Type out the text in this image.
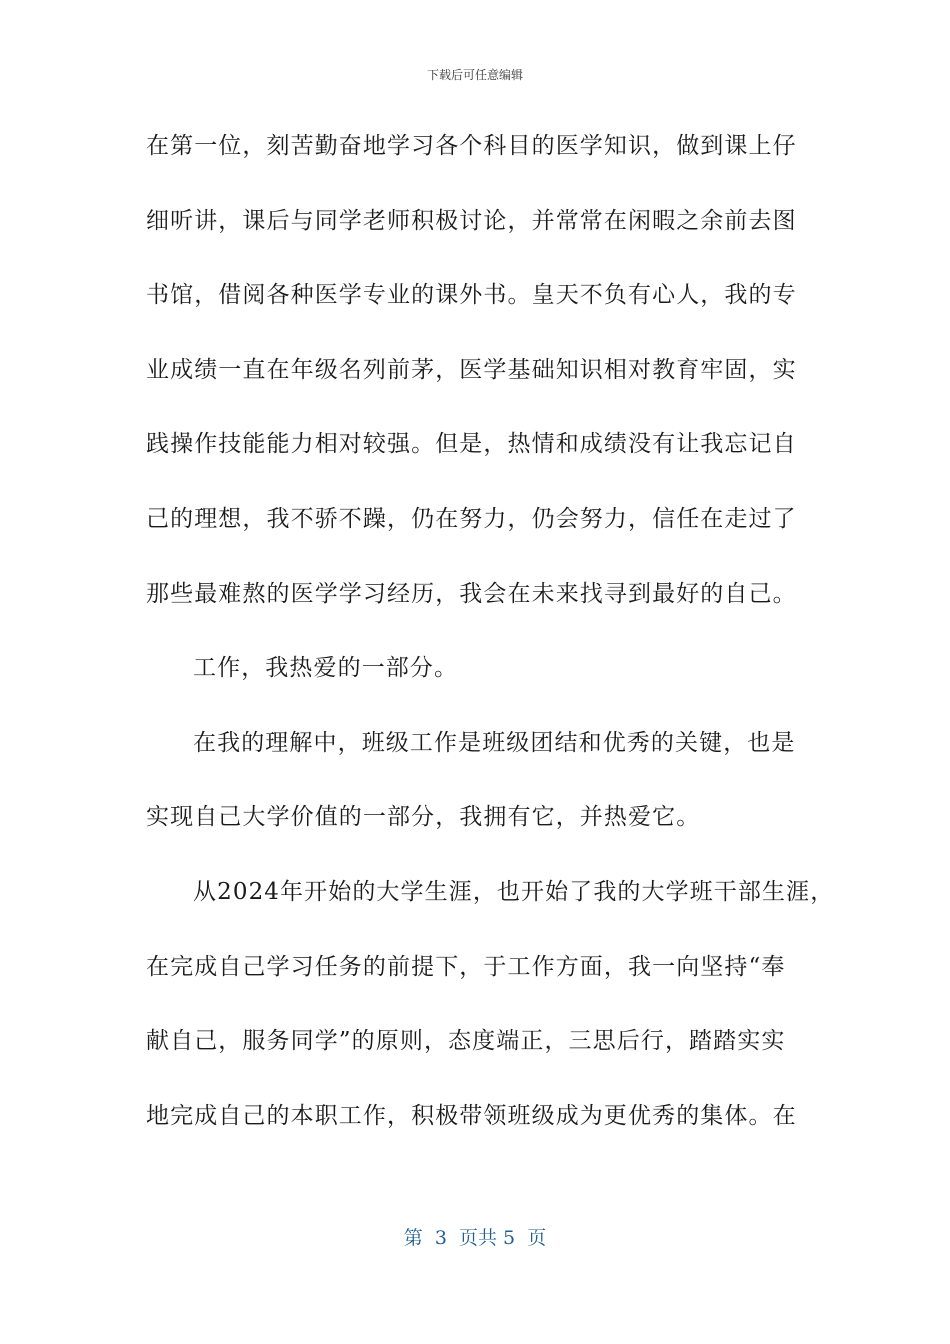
下载后可任意编辑
在第一位，刻苦勤奋地学习各个科目的医学知识，做到课上仔
细听讲，课后与同学老师积极讨论，并常常在闲暇之余前去图
书馆，借阅各种医学专业的课外书。皇天不负有心人，我的专
业成绩一直在年级名列前茅，医学基础知识相对教育牢固，实
践操作技能能力相对较强。但是，热情和成绩没有让我忘记自
己的理想，我不骄不躁，仍在努力，仍会努力，信任在走过了
那些最难熬的医学学习经历，我会在未来找寻到最好的自己。
工作，我热爱的一部分。
在我的理解中，班级工作是班级团结和优秀的关键，也是
实现自己大学价值的一部分，我拥有它，并热爱它。
从2024年开始的大学生涯，也开始了我的大学班干部生涯，
在完成自己学习任务的前提下，于工作方面，我一向坚持“奉
献自己，服务同学”的原则，态度端正，三思后行，踏踏实实
地完成自己的本职工作，积极带领班级成为更优秀的集体。在
第  3  页共 5  页
